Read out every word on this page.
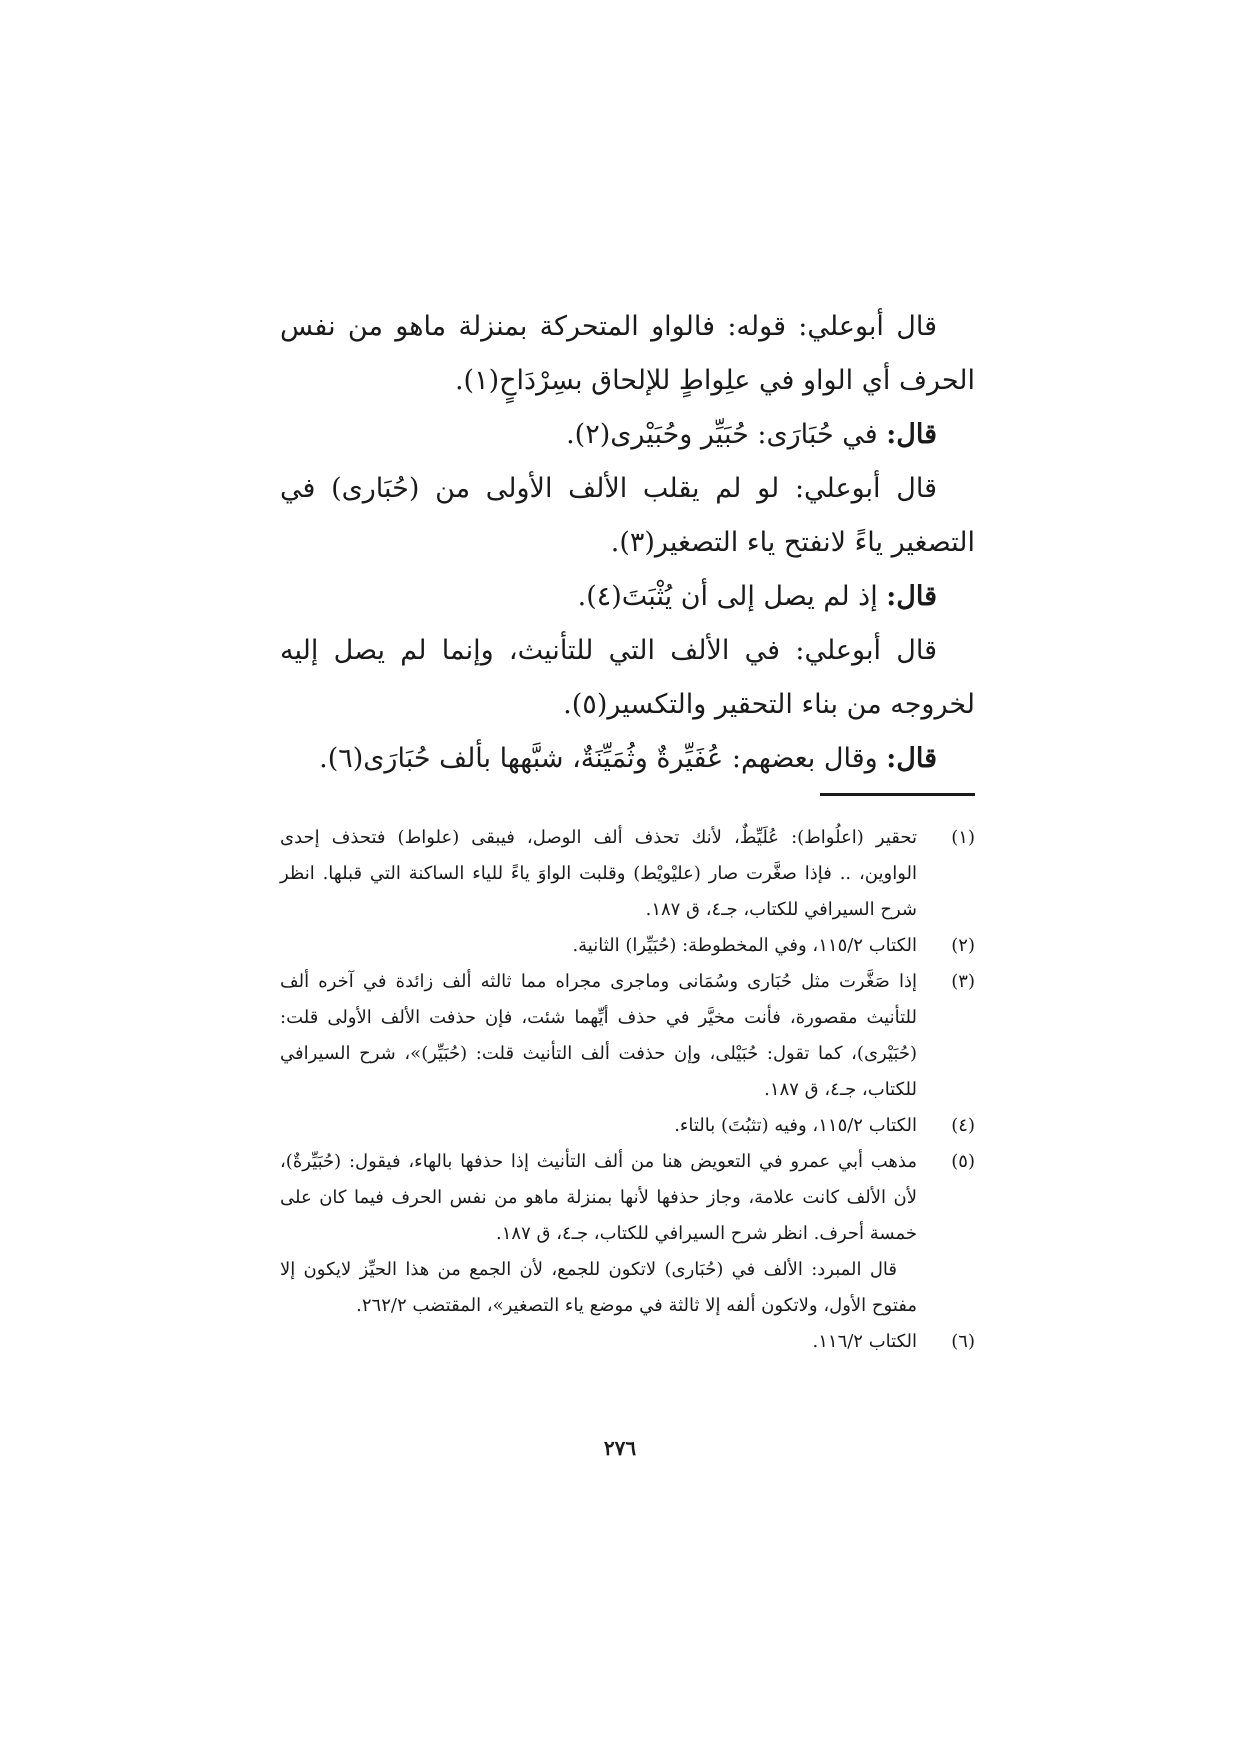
قال أبوعلي: قوله: فالواو المتحركة بمنزلة ماهو من نفس الحرف أي الواو في علِواطٍ للإلحاق بسِرْدَاحٍ(١).

قال: في حُبَارَى: حُبَيِّر وحُبَيْرى(٢).

قال أبوعلي: لو لم يقلب الألف الأولى من (حُبَارى) في التصغير ياءً لانفتح ياء التصغير(٣).

قال: إذ لم يصل إلى أن يُثْبَتَ(٤).

قال أبوعلي: في الألف التي للتأنيث، وإنما لم يصل إليه لخروجه من بناء التحقير والتكسير(٥).

قال: وقال بعضهم: عُفَيِّرةٌ وثُمَيِّنَةٌ، شبَّهها بألف حُبَارَى(٦).

(١)
تحقير (اعلُواط): عُلَيِّطٌ، لأنك تحذف ألف الوصل، فيبقى (علواط) فتحذف إحدى الواوين، .. فإذا صغَّرت صار (عليْويْط) وقلبت الواوَ ياءً للياء الساكنة التي قبلها. انظر شرح السيرافي للكتاب، جـ٤، ق ١٨٧.
(٢)
الكتاب ١١٥/٢، وفي المخطوطة: (حُبَيِّرا) الثانية.
(٣)
إذا صَغَّرت مثل حُبَارى وسُمَانى وماجرى مجراه مما ثالثه ألف زائدة في آخره ألف للتأنيث مقصورة، فأنت مخيَّر في حذف أيِّهما شئت، فإن حذفت الألف الأولى قلت: (حُبَيْرى)، كما تقول: حُبَيْلى، وإن حذفت ألف التأنيث قلت: (حُبَيِّر)»، شرح السيرافي للكتاب، جـ٤، ق ١٨٧.
(٤)
الكتاب ١١٥/٢، وفيه (تثبُتَ) بالتاء.
(٥)
مذهب أبي عمرو في التعويض هنا من ألف التأنيث إذا حذفها بالهاء، فيقول: (حُبَيِّرةٌ)، لأن الألف كانت علامة، وجاز حذفها لأنها بمنزلة ماهو من نفس الحرف فيما كان على خمسة أحرف. انظر شرح السيرافي للكتاب، جـ٤، ق ١٨٧.
قال المبرد: الألف في (حُبَارى) لاتكون للجمع، لأن الجمع من هذا الحيِّز لايكون إلا مفتوح الأول، ولاتكون ألفه إلا ثالثة في موضع ياء التصغير»، المقتضب ٢٦٢/٢.
(٦)
الكتاب ١١٦/٢.
٢٧٦
